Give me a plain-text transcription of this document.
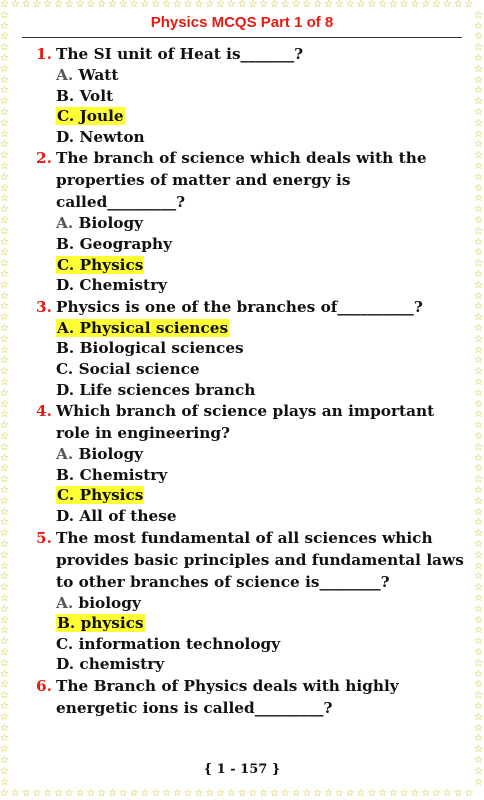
☆
☆
☆
☆
☆
☆
☆
☆
☆
☆
☆
☆
☆
☆
☆
☆
☆
☆
☆
☆
☆
☆
☆
☆
☆
☆
☆
☆
☆
☆
☆
☆
☆
☆
☆
☆
☆
☆
☆
☆
☆
☆
☆
☆
☆
☆
☆
☆
☆
☆
☆
☆
☆
☆
☆
☆
☆
☆
☆
☆
☆
☆
☆
☆
☆
☆
☆
☆
☆
☆
☆
☆
☆
☆
☆
☆
☆
☆
☆
☆
☆
☆
☆
☆
☆
☆
☆
☆
☆	☆
☆	☆
☆	☆
☆	☆
☆	☆
☆	☆
☆	☆
☆	☆
☆	☆
☆	☆
☆	☆
☆	☆
☆	☆
☆	☆
☆	☆
☆	☆
☆	☆
☆	☆
☆	☆
☆	☆
☆	☆
☆	☆
☆	☆
☆	☆
☆	☆
☆	☆
☆	☆
☆	☆
☆	☆
☆	☆
☆	☆
☆	☆
☆	☆
☆	☆
☆	☆
☆	☆
☆	☆
☆	☆
☆	☆
☆	☆
☆	☆
☆	☆
☆	☆
☆	☆
☆	☆
☆	☆
☆	☆
☆	☆
☆	☆
☆	☆
☆	☆
☆	☆
☆	☆
☆	☆
☆	☆
☆	☆
☆	☆
☆	☆
☆	☆
☆	☆
☆	☆
☆	☆
☆	☆
☆	☆
☆	☆
☆	☆
☆	☆
☆	☆
☆	☆
☆	☆
☆	☆
☆	☆
Physics MCQS Part 1 of 8
1. The SI unit of Heat is_______?
A. Watt
B. Volt
C. Joule
D. Newton
2. The branch of science which deals with the properties of matter and energy is called_________?
A. Biology
B. Geography
C. Physics
D. Chemistry
3. Physics is one of the branches of__________?
A. Physical sciences
B. Biological sciences
C. Social science
D. Life sciences branch
4. Which branch of science plays an important role in engineering?
A. Biology
B. Chemistry
C. Physics
D. All of these
5. The most fundamental of all sciences which provides basic principles and fundamental laws to other branches of science is________?
A. biology
B. physics
C. information technology
D. chemistry
6. The Branch of Physics deals with highly energetic ions is called_________?
{ 1 - 157 }
